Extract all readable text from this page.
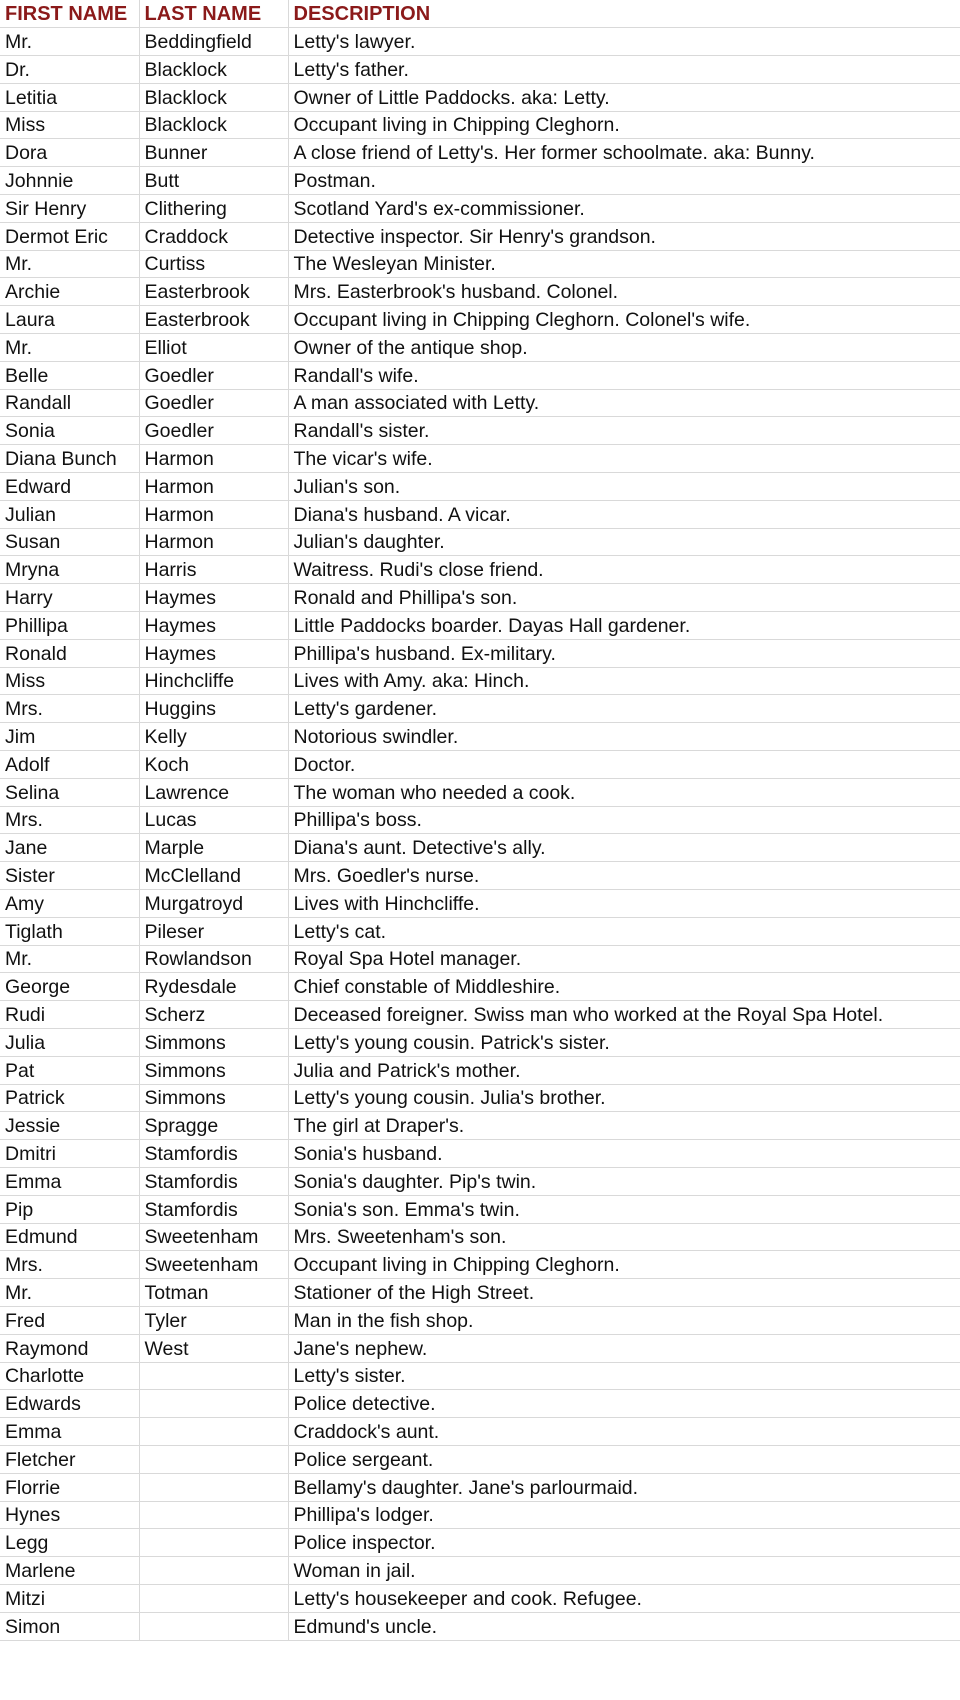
FIRST NAME	LAST NAME	DESCRIPTION
Mr.	Beddingfield	Letty's lawyer.
Dr.	Blacklock	Letty's father.
Letitia	Blacklock	Owner of Little Paddocks. aka: Letty.
Miss	Blacklock	Occupant living in Chipping Cleghorn.
Dora	Bunner	A close friend of Letty's. Her former schoolmate. aka: Bunny.
Johnnie	Butt	Postman.
Sir Henry	Clithering	Scotland Yard's ex-commissioner.
Dermot Eric	Craddock	Detective inspector. Sir Henry's grandson.
Mr.	Curtiss	The Wesleyan Minister.
Archie	Easterbrook	Mrs. Easterbrook's husband. Colonel.
Laura	Easterbrook	Occupant living in Chipping Cleghorn. Colonel's wife.
Mr.	Elliot	Owner of the antique shop.
Belle	Goedler	Randall's wife.
Randall	Goedler	A man associated with Letty.
Sonia	Goedler	Randall's sister.
Diana Bunch	Harmon	The vicar's wife.
Edward	Harmon	Julian's son.
Julian	Harmon	Diana's husband. A vicar.
Susan	Harmon	Julian's daughter.
Mryna	Harris	Waitress. Rudi's close friend.
Harry	Haymes	Ronald and Phillipa's son.
Phillipa	Haymes	Little Paddocks boarder. Dayas Hall gardener.
Ronald	Haymes	Phillipa's husband. Ex-military.
Miss	Hinchcliffe	Lives with Amy. aka: Hinch.
Mrs.	Huggins	Letty's gardener.
Jim	Kelly	Notorious swindler.
Adolf	Koch	Doctor.
Selina	Lawrence	The woman who needed a cook.
Mrs.	Lucas	Phillipa's boss.
Jane	Marple	Diana's aunt. Detective's ally.
Sister	McClelland	Mrs. Goedler's nurse.
Amy	Murgatroyd	Lives with Hinchcliffe.
Tiglath	Pileser	Letty's cat.
Mr.	Rowlandson	Royal Spa Hotel manager.
George	Rydesdale	Chief constable of Middleshire.
Rudi	Scherz	Deceased foreigner. Swiss man who worked at the Royal Spa Hotel.
Julia	Simmons	Letty's young cousin. Patrick's sister.
Pat	Simmons	Julia and Patrick's mother.
Patrick	Simmons	Letty's young cousin. Julia's brother.
Jessie	Spragge	The girl at Draper's.
Dmitri	Stamfordis	Sonia's husband.
Emma	Stamfordis	Sonia's daughter. Pip's twin.
Pip	Stamfordis	Sonia's son. Emma's twin.
Edmund	Sweetenham	Mrs. Sweetenham's son.
Mrs.	Sweetenham	Occupant living in Chipping Cleghorn.
Mr.	Totman	Stationer of the High Street.
Fred	Tyler	Man in the fish shop.
Raymond	West	Jane's nephew.
Charlotte		Letty's sister.
Edwards		Police detective.
Emma		Craddock's aunt.
Fletcher		Police sergeant.
Florrie		Bellamy's daughter. Jane's parlourmaid.
Hynes		Phillipa's lodger.
Legg		Police inspector.
Marlene		Woman in jail.
Mitzi		Letty's housekeeper and cook. Refugee.
Simon		Edmund's uncle.
